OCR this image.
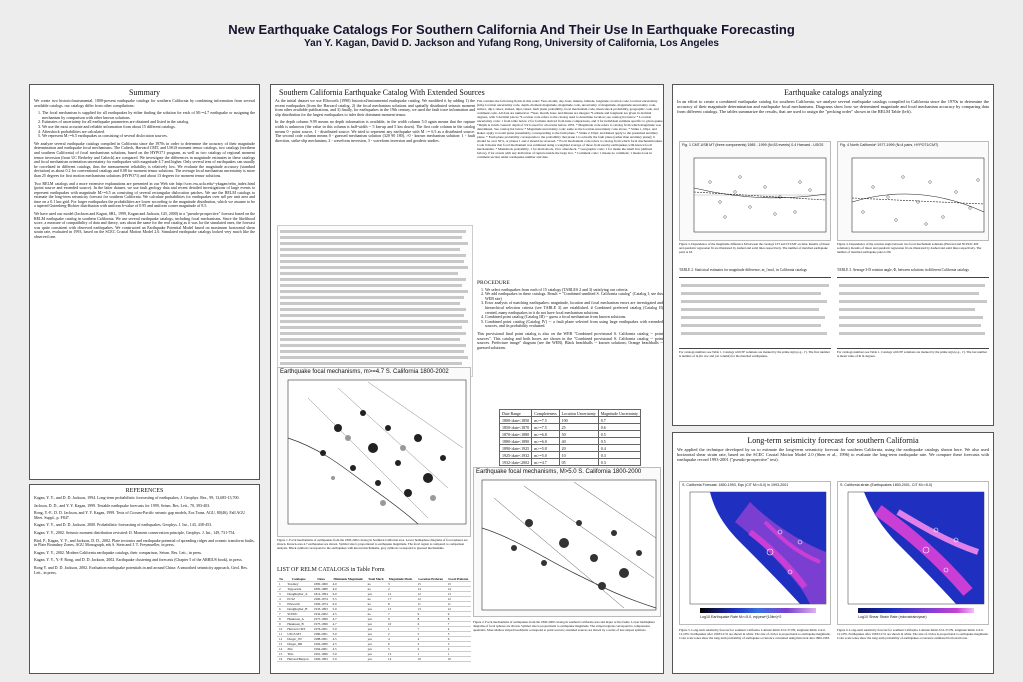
New Earthquake Catalogs For Southern California And Their Use In Earthquake Forecasting
Yan Y. Kagan, David D. Jackson and Yufang Rong, University of California, Los Angeles
Summary

We create two historic/instrumental, 1800-present earthquake catalogs for southern California by combining information from several available catalogs. our catalogs differ from other compilations:

1. The focal mechanism is supplied for all earthquakes by either finding the solution for each of M>=4.7 earthquake or assigning the mechanism by comparison with other known solutions.
2. Estimates of uncertainty for all earthquake parameters are obtained and listed in the catalog.
3. We use the most accurate and reliable information from about 15 different catalogs.
4. Aftershock probabilities are calculated.
5. We represent M>=6.5 earthquakes as consisting of several dislocation sources.

We analyze several earthquake catalogs compiled in California since the 1970s in order to determine the accuracy of their magnitude determination and earthquake focal mechanisms. The Caltech, Harvard CMT, and USGS moment tensor catalogs, two catalogs (northern and southern California) of focal mechanisms solutions, based on the HYPO71 program, as well as two catalogs of regional moment tensor inversion (from UC Berkeley and Caltech) are compared. We investigate the differences in magnitude estimates in these catalogs and focal mechanism orientation uncertainty for earthquakes with magnitude 4.7 and higher. Only several tens of earthquakes can usually be correlated in different catalogs, thus the measurement reliability is relatively low. We evaluate the magnitude accuracy (standard deviation) as about 0.2 for conventional catalogs and 0.08 for moment tensor solutions. The average focal mechanism uncertainty is more than 25 degrees for first motion mechanisms solutions (HYPO71) and about 13 degrees for moment tensor solutions.

Two RELM catalogs and a more extensive explanations are presented in our Web site http://scec.ess.ucla.edu/~ykagan/relm_index.html (point source and extended source). In the latter dataset, we use fault geology data and recent detailed investigations of large events to represent earthquakes with magnitude M>=6.5 as consisting of several rectangular dislocation patches. We use the RELM catalogs to estimate the long-term seismicity forecast for southern California. We calculate probabilities for earthquakes over m0 per unit area and time on a 0.1 km grid. For larger earthquakes the probabilities are lower according to the magnitude distribution, which we assume to be a tapered Gutenberg-Richter distribution with uniform b-value of 0.95 and uniform corner magnitude of 8.5.

We have used our model (Jackson and Kagan, SRL, 1999, Kagan and Jackson, GJI, 2000) in a "pseudo-prospective" forecast based on the RELM earthquake catalog in southern California. We use several earthquake catalogs, including focal mechanisms. Since the likelihood score, a measure of compatibility of data and theory, was about the same for the real catalog as it was for the simulated ones, the forecast was quite consistent with observed earthquakes. We constructed an Earthquake Potential Model based on maximum horizontal shear strain rate, evaluated in 1993, based on the SCEC Crustal Motion Model 2.0. Simulated earthquake catalogs looked very much like the observed one.

REFERENCES

Kagan, Y. Y., and D. D. Jackson, 1994. Long-term probabilistic forecasting of earthquakes, J. Geophys. Res., 99, 13,685-13,700.

Jackson, D. D., and Y. Y. Kagan, 1999. Testable earthquake forecasts for 1999, Seism. Res. Lett., 70, 393-403.

Rong, Y.-F., D. D. Jackson, and Y. Y. Kagan, 1999. Tests of Circum-Pacific seismic gap models, Eos Trans. AGU, 80(46), Fall AGU Meet. Suppl., p. F847.

Kagan, Y. Y., and D. D. Jackson, 2000. Probabilistic forecasting of earthquakes, Geophys. J. Int., 143, 438-453.

Kagan, Y. Y., 2002. Seismic moment distribution revisited: II. Moment conservation principle, Geophys. J. Int., 149, 731-754.

Bird, P., Kagan, Y. Y., and Jackson, D. D., 2002. Plate tectonics and earthquake potential of spreading ridges and oceanic transform faults, in Plate Boundary Zones, AGU Monograph, eds S. Stein and J. T. Freymueller, in press.

Kagan, Y. Y., 2002. Modern California earthquake catalogs, their comparison, Seism. Res. Lett., in press.

Kagan, Y. Y., Y.-F. Rong, and D. D. Jackson, 2002. Earthquake clustering and forecasts (Chapter 5 of the ARRIUS book), in press.

Rong Y. and D. D. Jackson, 2002. Evaluation earthquake potentials in and around China: A smoothed seismicity approach, Geol. Res. Lett., in press.

Southern California Earthquake Catalog With Extended Sources

As the initial dataset we use Ellsworth (1990) historical/instrumental earthquake catalog. We modified it by adding 1) the recent earthquakes (from the Harvard catalog, 2) the focal mechanism solutions and spatially distributed seismic moment from other available publications, and 3) finally, for earthquakes in the 19th century, we used the fault trace information and slip distribution for the largest earthquakes to infer their dominant moment tensor.

In the depth column 9.99 means no depth information is available, in the width column 5.0 again means that the rupture width is unknown (the value in this column is half-width -- 5 km-up and 5 km down). The first code column in the catalog means 0 - point source, 1 - distributed source. We tried to represent any earthquake with M >= 6.5 as a distributed source. The second code column means 0 - guessed mechanism solution (320 90 180), >0 - known mechanism solution: 1 - fault direction, strike-slip mechanism, 2 - waveform inversion, 3 - waveform inversion and geodetic studies.

File contains the following fields in this order: Year, month, day, hour, minute, latitude, longitude, location code, location uncertainty (km), location uncertainty code, depth, moment magnitude, magnitude code, uncertainty of magnitude, magnitude uncertainty code, strike1, dip1, rake1, strike2, dip2, rake2, fault plane probability, focal mechanism code, mean shock probability, geographic code, and comment code. All data are numerical. *Year, month, hour, and minute are integers *Latitude and longitude are given in decimal degrees, with 3 decimal places *Location code refers to the catalog used to determine location; see catalog list below * Location uncertainty code: 1 from table below 2 for formula derived from inter-comparisons, and 3 for individual estimate specific to given quake *Depth is in km. Generic depth of 5.9 is used for all events before 1933. * Magnitude code refers to catalog from which magnitude was determined. See catalog list below * Magnitude uncertainty code: same as the location-uncertainty code above. * Strike 1, Dip1, and Rake1 apply to nodal plane presumably corresponding to the fault plane. * Strike 2, Dip2, and Rake2 apply to the presumed auxiliary plane. * Fault plane probability corresponds to the probability that plane 1 is actually the fault plane (rather than auxiliary plane); it should be over 50%, or planes 1 and 2 should be reversed. * Focal mechanism code refers to catalog from which focal mechanism taken. Code 0 means that focal mechanism was estimated using a weighted average of those from nearby earthquakes with known focal mechanisms. * Mainshock probability. 1 for main shock, 0 for aftershock. * Geographic code: 1 for inside the small box (defined below), 0 for events with any indication of rupture inside the large box. * Comment code: 1 means no comment; 1 means look in comment section under earthquake number and date.
PROCEDURE
1. We select earthquakes from each of 15 catalogs (TABLES 2 and 3) satisfying our criteria.
2. We add earthquakes in these catalogs. Result = "Combined unedited S. California catalog" (Catalog I, see this WEB site)
3. Error analysis of matching earthquakes: magnitude, location and focal mechanism errors are investigated and hierarchical selection criteria (see TABLE 3) are established. # Combined preferred catalog (Catalog II) created, many earthquakes in it do not have focal mechanism solutions.
4. Combined point catalog (Catalog III) -- guess a focal mechanism from known solutions.
5. Combined point catalog (Catalog IV) -- a fault plane selected from using large earthquakes with extended sources, and its probability evaluated.

This provisional final point catalog is also on the WEB "Combined provisional S. California catalog -- point sources". This catalog and both boxes are shown in the "Combined provisional S. California catalog -- point sources. Prefecture image" diagram (see the WEB). Black beachballs -- known solutions; Orange beachballs -- guessed solutions.

Date Range	Completeness	Location Uncertainty	Magnitude Uncertainty
1800<date<1850	m>=7.5	100	0.7
1850<date<1870	m>=7.5	25	0.6
1870<date<1880	m>=6.8	50	0.5
1880<date<1890	m>=6.0	40	0.5
1890<date<1925	m>=5.8	20	0.4
1925<date<1932	m>=5.0	10	0.3
1932<date<2002	m>=4.7	05	0.3
Earthquake focal mechanisms, m>=4.7 S. California 1800-2002
Figure 1. Focal mechanisms of earthquakes from the 1800-2002 catalog in Southern California area. Lower hemisphere diagrams of focal spheres are shown. Known-area 4.7 earthquakes are shown. Symbol size is proportional to earthquake magnitude. The focal region is compared to comparison analysis. Black symbols correspond to the earthquakes with known mechanisms, grey symbols correspond to guessed mechanisms.
Earthquake focal mechanisms, M>5.0 S. California 1800-2000
Figure 2. Focal mechanisms of earthquakes from the 1800-2000 catalog in southern California area and major active faults. Lower hemisphere diagrams of focal spheres are shown. Symbol size is proportional to earthquake magnitude. The striped regions correspond to compression quadrants. Most shallow striped beachballs correspond to point sources; extended sources are shown by a series of less striped symbols.
LIST OF RELM CATALOGS in Table Form
No	Catalogue	Dates	Minimum Magnitude	Total Mech	Magnitude Mech.	Location Preferen	Focal Preferen
1	Townley	1800-1900	4.0	no	3	15	15
2	Toppozada	1800-1980	4.0	no	2	14	14
3	DougReyher_A	1812-1994	6.0	yes	12	12	13
4	ECSZ	1900-1974	5.5	no	17	12	12
5	Ellsworth	1900-1974	6.0	no	8	11	11
6	DougReyher_B	1933-1993	5.0	yes	15	13	12
7	SCEDC	1932-2002	4.5	no	7	9	9
8	Hauksson_A	1975-1999	4.7	yes	9	8	8
9	Hauksson_B	1975-1999	4.7	yes	10	6	7
10	Harvard CMT	1976-2001	5.0	yes	1	7	4
11	USGS MT	1980-2001	5.0	yes	2	5	5
12	Dreger_JW	1988-2001	4.5	yes	4	4	6
13	Dreger_DR	1992-2000	4.5	yes	6	3	3
14	Zhu	1994-2001	4.5	yes	5	2	2
15	Thio	1991-1999	5.0	yes	13	1	1
16	Harvard/Benyon	1960-1993	5.0	yes	14	10	10
Earthquake catalogs analyzing
In an effort to create a combined earthquake catalog for southern California, we analyze several earthquake catalogs compiled in California since the 1970s to determine the accuracy of their magnitude determination and earthquake focal mechanisms. Diagrams show how we determined magnitude and focal mechanism accuracy by comparing data from different catalogs. The tables summarize the results, that are used to assign the "pecking order" shown in the RELM Table (left).
Fig. 1 CMT-USB MT (three components) 1985 - 1999 (N=53 events) 0.4 Harvard - USGS
Figure 3. Dependence of the magnitude difference M between the catalogs CIT and CIT-MT on time. Results of linear and quadratic regression fit are illustrated by dashed and solid lines respectively. The number of matched earthquake pairs is 63.
Fig. 4 North California* 1977-1999 (N=4 pairs, HYPO71/CMT)
Figure 4. Dependence of the rotation angle between two focal mechanism solutions (Harvard and NCEDC-MT solutions). Results of linear and quadratic regression fit are illustrated by dashed and solid lines respectively. The number of matched earthquake pairs is 89.
TABLE 2. Statistical estimates for magnitude difference, m_{mu}, in California catalogs
For catalogs numbers see Table 1. Catalogs with EF solutions are marked by the prime sign (e.g., 1'). The first number is number of m (In row and j in column) for the matched earthquakes.
TABLE 3. Average 3-D rotation angle, Φ, between solutions in different California catalogs
For catalogs numbers see Table 1. Catalogs with EF solutions are marked by the prime sign (e.g., 1'). The last number is mean value of Φ in degrees.
Long-term seismicity forecast for southern California
We applied the technique developed by us to estimate the long-term seismicity forecast for southern California, using the earthquake catalogs shown here. We also used horizontal shear strain rate, based on the SCEC Crustal Motion Model 2.0 (Shen et al., 1996) to evaluate the long-term earthquake rate. We compare these forecasts with earthquake record 1993-2001 ("pseudo-prospective" test).
S. California Forecast: 1850-1993, Eqs (CIT M>=5.0) in 1993-2001
Log10 Earthquake Rate M>=5.0, eq/year*(10km)^2
Figure 5. Long-term seismicity forecast for southern California. Latitude limits 32.0-37.0N, longitude limits 114.0-121.0W. Earthquakes after 1993/12/31 are shown in white. The size of circles is proportional to earthquake magnitude. Color scale tones show the long-term probability of earthquake occurrence calculated using historical data 1800-1993.
S. California strain (Earthquakes 1800-2001, CIT M>=5.0)
Log10 Shear Strain Rate (microstrain/year)
Figure 6. Long-term seismicity forecast for southern California. Latitude limits 32.0-37.0N, longitude limits 114.0-121.0W. Earthquakes after 1993/12/31 are shown in white. The size of circles is proportional to earthquake magnitude. Color scale tones show the long-term probability of earthquakes occurrence estimated from strain rate.
